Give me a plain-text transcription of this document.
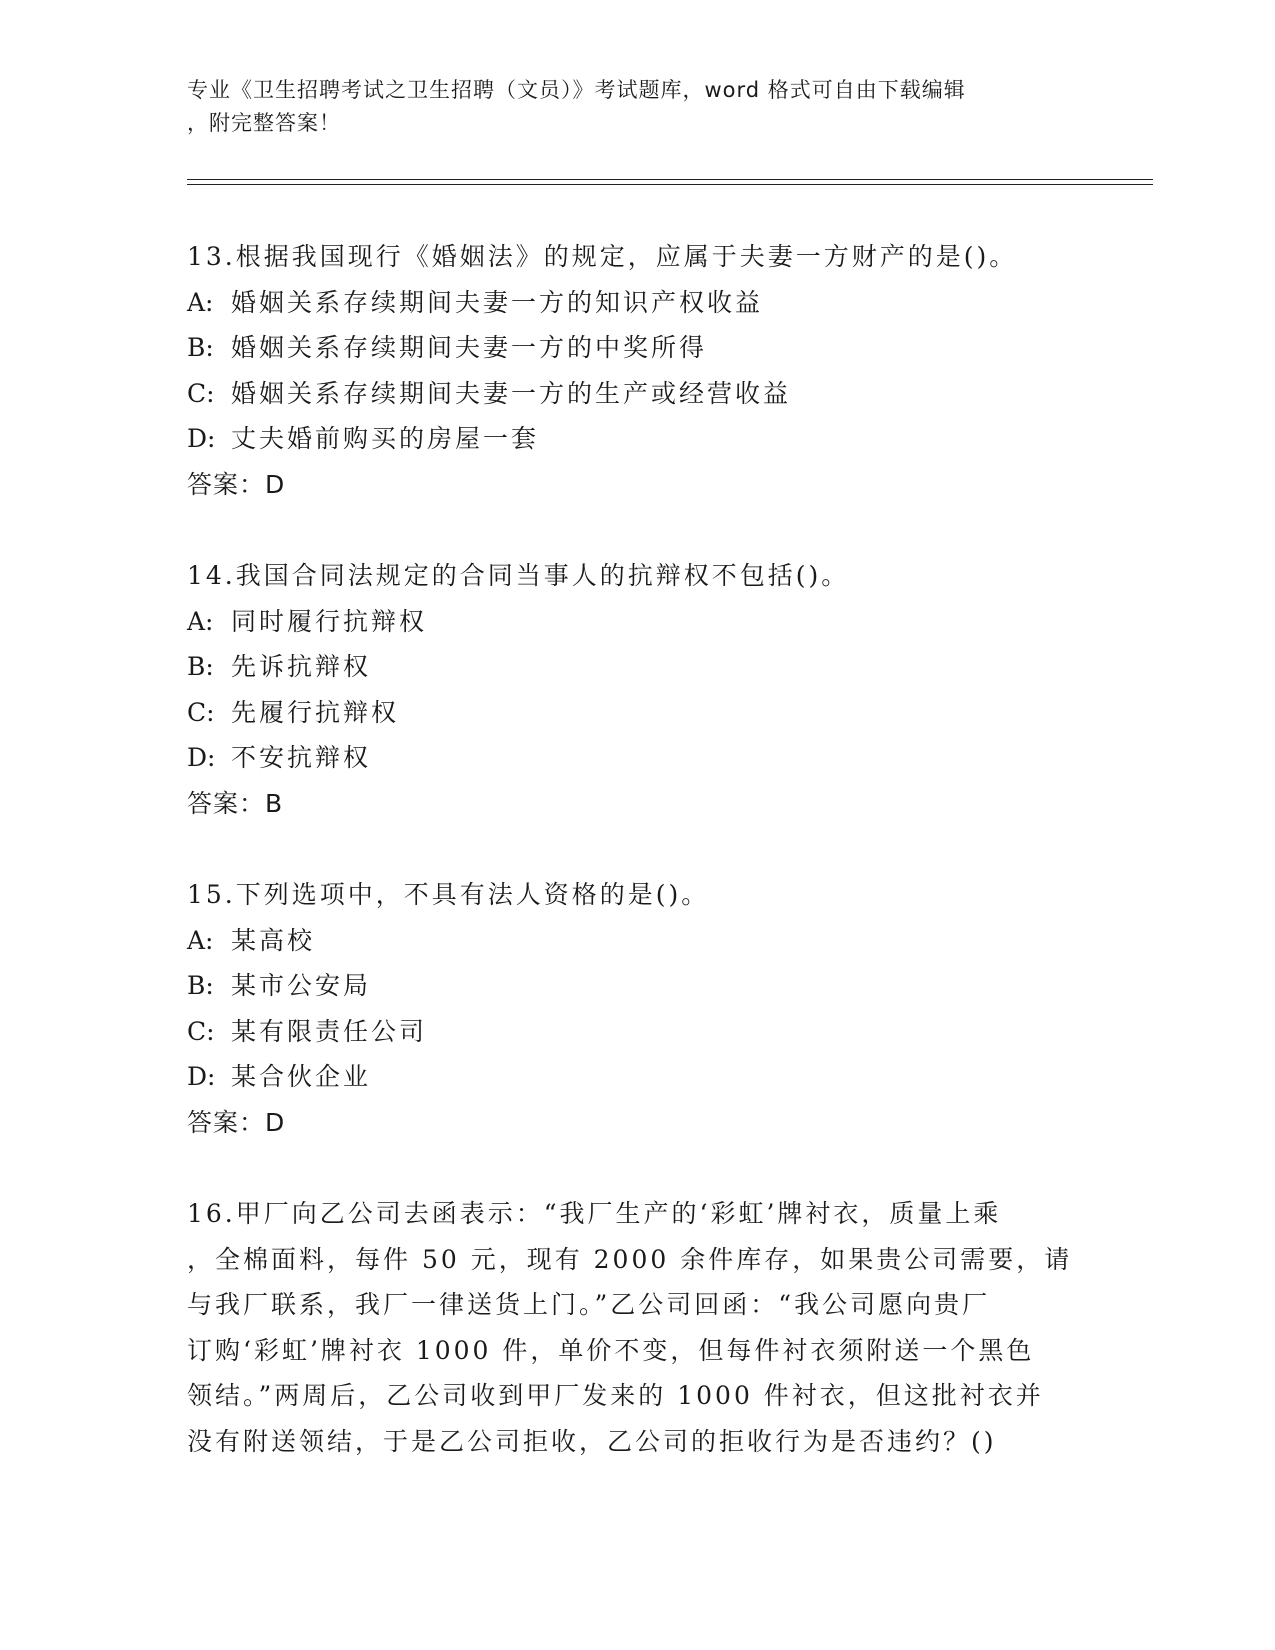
专业《卫生招聘考试之卫生招聘（文员）》考试题库，word 格式可自由下载编辑
，附完整答案！
13.根据我国现行《婚姻法》的规定，应属于夫妻一方财产的是()。
A: 婚姻关系存续期间夫妻一方的知识产权收益
B: 婚姻关系存续期间夫妻一方的中奖所得
C: 婚姻关系存续期间夫妻一方的生产或经营收益
D: 丈夫婚前购买的房屋一套
答案：D
14.我国合同法规定的合同当事人的抗辩权不包括()。
A: 同时履行抗辩权
B: 先诉抗辩权
C: 先履行抗辩权
D: 不安抗辩权
答案：B
15.下列选项中，不具有法人资格的是()。
A: 某高校
B: 某市公安局
C: 某有限责任公司
D: 某合伙企业
答案：D
16.甲厂向乙公司去函表示：“我厂生产的‘彩虹’牌衬衣，质量上乘
，全棉面料，每件 50 元，现有 2000 余件库存，如果贵公司需要，请
与我厂联系，我厂一律送货上门。”乙公司回函：“我公司愿向贵厂
订购‘彩虹’牌衬衣 1000 件，单价不变，但每件衬衣须附送一个黑色
领结。”两周后，乙公司收到甲厂发来的 1000 件衬衣，但这批衬衣并
没有附送领结，于是乙公司拒收，乙公司的拒收行为是否违约？()
